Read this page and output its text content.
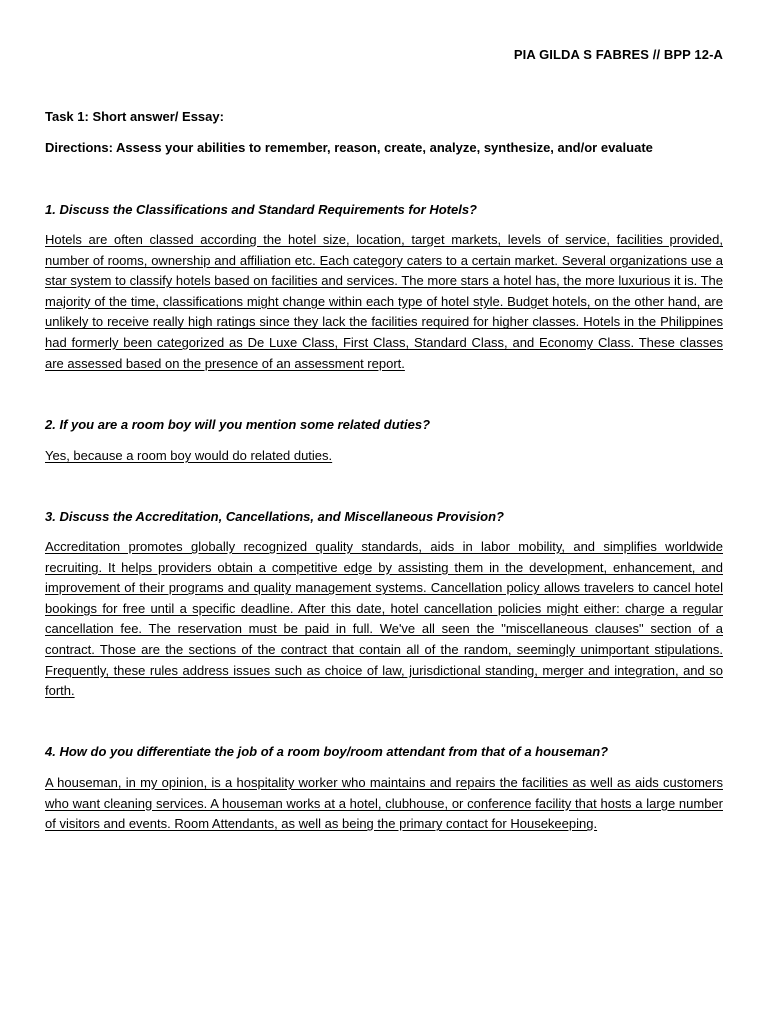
PIA GILDA S FABRES // BPP 12-A
Task 1: Short answer/ Essay:
Directions: Assess your abilities to remember, reason, create, analyze, synthesize, and/or evaluate
1. Discuss the Classifications and Standard Requirements for Hotels?
Hotels are often classed according the hotel size, location, target markets, levels of service, facilities provided, number of rooms, ownership and affiliation etc. Each category caters to a certain market. Several organizations use a star system to classify hotels based on facilities and services. The more stars a hotel has, the more luxurious it is. The majority of the time, classifications might change within each type of hotel style. Budget hotels, on the other hand, are unlikely to receive really high ratings since they lack the facilities required for higher classes. Hotels in the Philippines had formerly been categorized as De Luxe Class, First Class, Standard Class, and Economy Class. These classes are assessed based on the presence of an assessment report.
2. If you are a room boy will you mention some related duties?
Yes, because a room boy would do related duties.
3. Discuss the Accreditation, Cancellations, and Miscellaneous Provision?
Accreditation promotes globally recognized quality standards, aids in labor mobility, and simplifies worldwide recruiting. It helps providers obtain a competitive edge by assisting them in the development, enhancement, and improvement of their programs and quality management systems. Cancellation policy allows travelers to cancel hotel bookings for free until a specific deadline. After this date, hotel cancellation policies might either: charge a regular cancellation fee. The reservation must be paid in full. We've all seen the "miscellaneous clauses" section of a contract. Those are the sections of the contract that contain all of the random, seemingly unimportant stipulations. Frequently, these rules address issues such as choice of law, jurisdictional standing, merger and integration, and so forth.
4. How do you differentiate the job of a room boy/room attendant from that of a houseman?
A houseman, in my opinion, is a hospitality worker who maintains and repairs the facilities as well as aids customers who want cleaning services. A houseman works at a hotel, clubhouse, or conference facility that hosts a large number of visitors and events. Room Attendants, as well as being the primary contact for Housekeeping.
